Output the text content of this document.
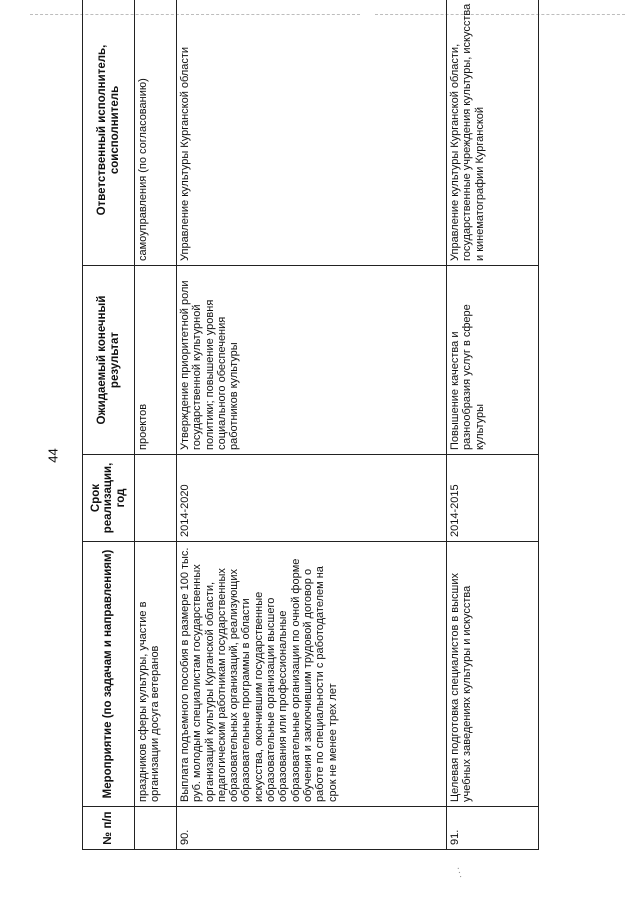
44
⋰
№ п/п	Мероприятие (по задачам и направлениям)	Срок реализации, год	Ожидаемый конечный результат	Ответственный исполнитель, соисполнитель
	праздников сферы культуры, участие в организации досуга ветеранов		проектов	самоуправления (по согласованию)
90.	Выплата подъемного пособия в размере 100 тыс. руб. молодым специалистам государственных организаций культуры Курганской области, педагогическим работникам государственных образовательных организаций, реализующих образовательные программы в области искусства, окончившим государственные образовательные организации высшего образования или профессиональные образовательные организации по очной форме обучения и заключившим трудовой договор о работе по специальности с работодателем на срок не менее трех лет	2014-2020	Утверждение приоритетной роли государственной культурной политики; повышение уровня социального обеспечения работников культуры	Управление культуры Курганской области
91.	Целевая подготовка специалистов в высших учебных заведениях культуры и искусства	2014-2015	Повышение качества и разнообразия услуг в сфере культуры	Управление культуры Курганской области, государственные учреждения культуры, искусства и кинематографии Курганской
